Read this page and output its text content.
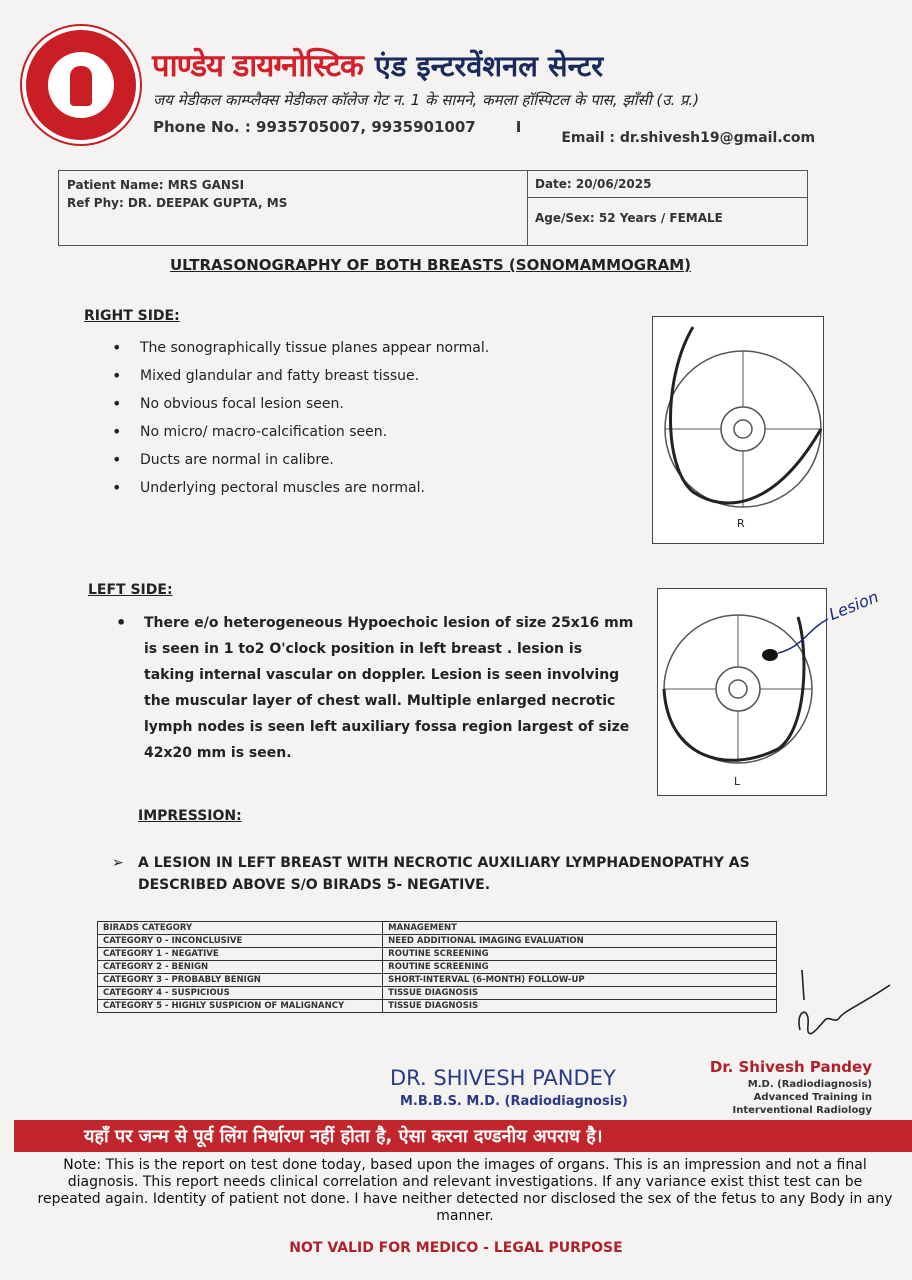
पाण्डेय डायग्नोस्टिक एंड इन्टरवेंशनल सेन्टर
जय मेडीकल काम्प्लैक्स मेडीकल कॉलेज गेट न. 1 के सामने, कमला हॉस्पिटल के पास, झाँसी (उ. प्र.)
Phone No. : 9935705007, 9935901007	I
Email : dr.shivesh19@gmail.com
Patient Name: MRS GANSI
Ref Phy: DR. DEEPAK GUPTA, MS
Date: 20/06/2025
Age/Sex: 52 Years / FEMALE
ULTRASONOGRAPHY OF BOTH BREASTS (SONOMAMMOGRAM)
RIGHT SIDE:
• The sonographically tissue planes appear normal.
• Mixed glandular and fatty breast tissue.
• No obvious focal lesion seen.
• No micro/ macro-calcification seen.
• Ducts are normal in calibre.
• Underlying pectoral muscles are normal.
R
LEFT SIDE:
• There e/o heterogeneous Hypoechoic lesion of size 25x16 mm is seen in 1 to2 O'clock position in left breast . lesion is taking internal vascular on doppler. Lesion is seen involving the muscular layer of chest wall. Multiple enlarged necrotic lymph nodes is seen left auxiliary fossa region largest of size 42x20 mm is seen.
L
Lesion
IMPRESSION:
➢	A LESION IN LEFT BREAST WITH NECROTIC AUXILIARY LYMPHADENOPATHY AS DESCRIBED ABOVE S/O BIRADS 5- NEGATIVE.
BIRADS CATEGORY	MANAGEMENT
CATEGORY 0 - INCONCLUSIVE	NEED ADDITIONAL IMAGING EVALUATION
CATEGORY 1 - NEGATIVE	ROUTINE SCREENING
CATEGORY 2 - BENIGN	ROUTINE SCREENING
CATEGORY 3 - PROBABLY BENIGN	SHORT-INTERVAL (6-MONTH) FOLLOW-UP
CATEGORY 4 - SUSPICIOUS	TISSUE DIAGNOSIS
CATEGORY 5 - HIGHLY SUSPICION OF MALIGNANCY	TISSUE DIAGNOSIS
Dr. Shivesh Pandey
M.D. (Radiodiagnosis)
Advanced Training in
Interventional Radiology
DR. SHIVESH PANDEY
M.B.B.S. M.D. (Radiodiagnosis)
यहाँ पर जन्म से पूर्व लिंग निर्धारण नहीं होता है, ऐसा करना दण्डनीय अपराध है।
Note: This is the report on test done today, based upon the images of organs. This is an impression and not a final diagnosis. This report needs clinical correlation and relevant investigations. If any variance exist thist test can be repeated again. Identity of patient not done. I have neither detected nor disclosed the sex of the fetus to any Body in any manner.
NOT VALID FOR MEDICO - LEGAL PURPOSE
